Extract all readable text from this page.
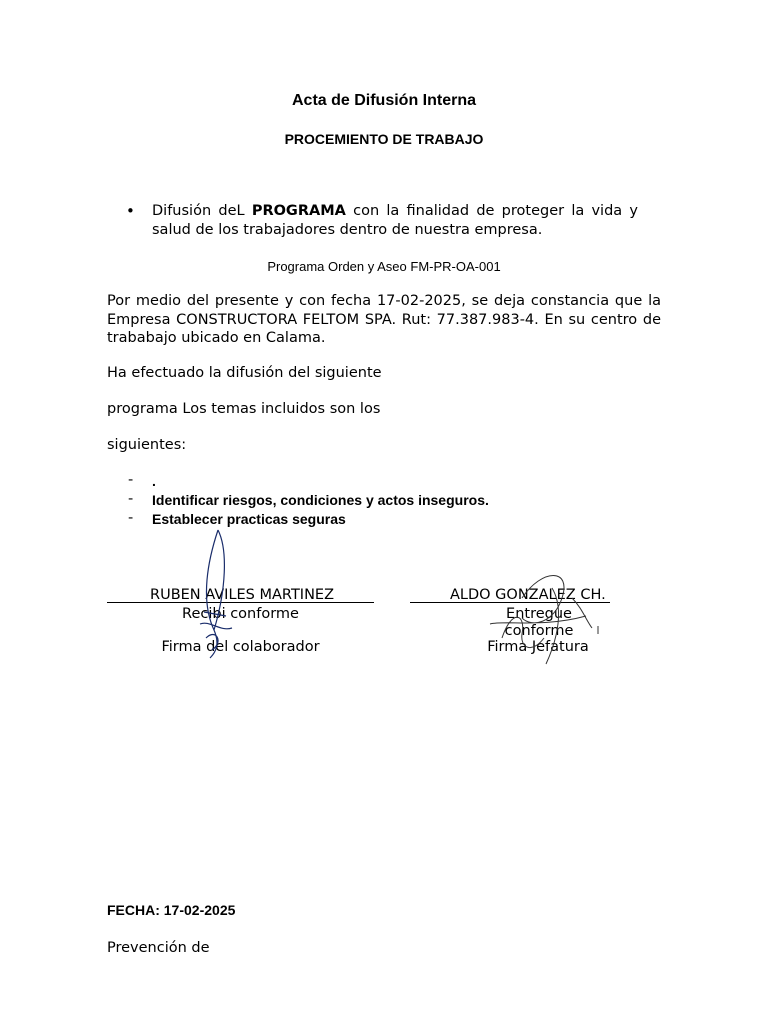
Acta de Difusión Interna
PROCEMIENTO DE TRABAJO
• Difusión deL PROGRAMA con la finalidad de proteger la vida y salud de los trabajadores dentro de nuestra empresa.
Programa Orden y Aseo FM-PR-OA-001
Por medio del presente y con fecha 17-02-2025, se deja constancia que la Empresa CONSTRUCTORA FELTOM SPA. Rut: 77.387.983-4. En su centro de trababajo ubicado en Calama.
Ha efectuado la difusión del siguiente
programa Los temas incluidos son los
siguientes:
- .
- Identificar riesgos, condiciones y actos inseguros.
- Establecer practicas seguras
RUBEN AVILES MARTINEZ
Recibi conforme
Firma del colaborador
ALDO GONZALEZ CH.
Entregue conforme
Firma Jefatura
FECHA: 17-02-2025
Prevención de
